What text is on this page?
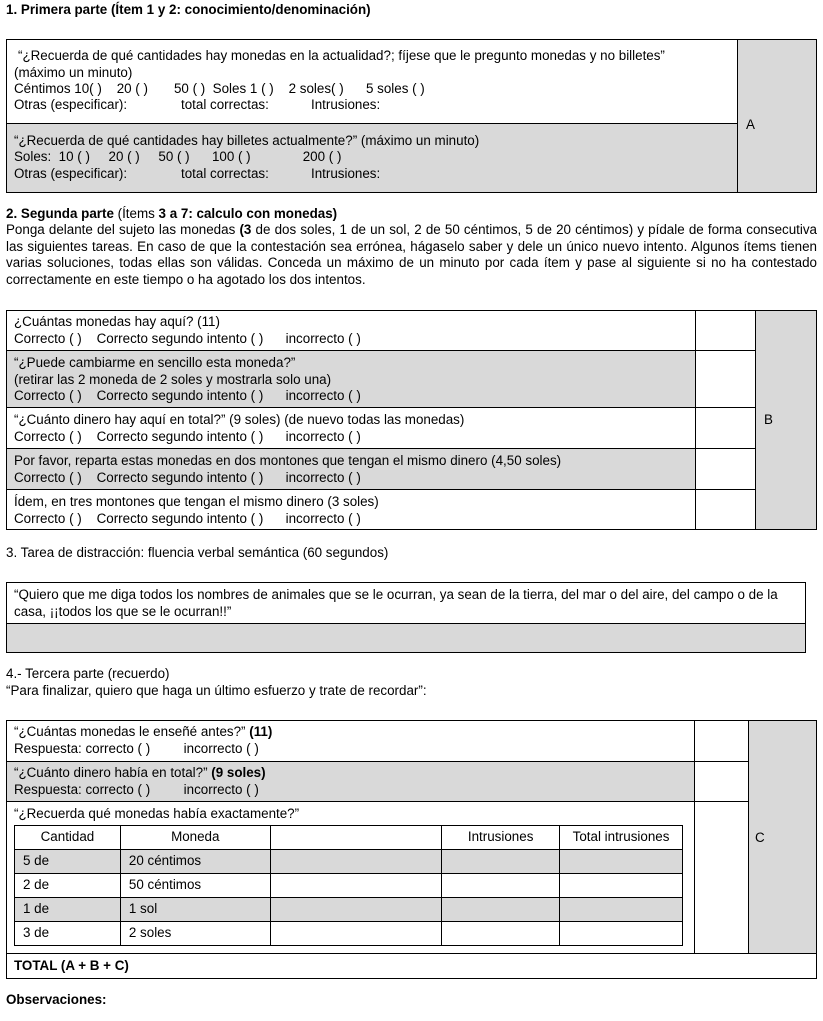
1. Primera parte (Ítem 1 y 2: conocimiento/denominación)
A
“¿Recuerda de qué cantidades hay monedas en la actualidad?; fíjese que le pregunto monedas y no billetes”
(máximo un minuto)
Céntimos 10( )    20 ( )       50 ( )  Soles 1 ( )    2 soles( )      5 soles ( )
Otras (especificar):	total correctas:	Intrusiones:
“¿Recuerda de qué cantidades hay billetes actualmente?” (máximo un minuto)
Soles:  10 ( )     20 ( )     50 ( )      100 ( )              200 ( )
Otras (especificar):	total correctas:	Intrusiones:
2. Segunda parte (Ítems 3 a 7: calculo con monedas)
Ponga delante del sujeto las monedas (3 de dos soles, 1 de un sol, 2 de 50 céntimos, 5 de 20 céntimos) y pídale de forma consecutiva las siguientes tareas. En caso de que la contestación sea errónea, hágaselo saber y dele un único nuevo intento. Algunos ítems tienen varias soluciones, todas ellas son válidas. Conceda un máximo de un minuto por cada ítem y pase al siguiente si no ha contestado correctamente en este tiempo o ha agotado los dos intentos.
B
¿Cuántas monedas hay aquí? (11)
Correcto ( )    Correcto segundo intento ( )      incorrecto ( )
“¿Puede cambiarme en sencillo esta moneda?”
(retirar las 2 moneda de 2 soles y mostrarla solo una)
Correcto ( )    Correcto segundo intento ( )      incorrecto ( )
“¿Cuánto dinero hay aquí en total?” (9 soles) (de nuevo todas las monedas)
Correcto ( )    Correcto segundo intento ( )      incorrecto ( )
Por favor, reparta estas monedas en dos montones que tengan el mismo dinero (4,50 soles)
Correcto ( )    Correcto segundo intento ( )      incorrecto ( )
Ídem, en tres montones que tengan el mismo dinero (3 soles)
Correcto ( )    Correcto segundo intento ( )      incorrecto ( )
3. Tarea de distracción: fluencia verbal semántica (60 segundos)
“Quiero que me diga todos los nombres de animales que se le ocurran, ya sean de la tierra, del mar o del aire, del campo o de la casa, ¡¡todos los que se le ocurran!!”
4.- Tercera parte (recuerdo)
“Para finalizar, quiero que haga un último esfuerzo y trate de recordar”:
C
“¿Cuántas monedas le enseñé antes?” (11)
Respuesta: correcto ( )         incorrecto ( )
“¿Cuánto dinero había en total?” (9 soles)
Respuesta: correcto ( )         incorrecto ( )
“¿Recuerda qué monedas había exactamente?”
Cantidad	Moneda		Intrusiones	Total intrusiones
5 de	20 céntimos			
2 de	50 céntimos			
1 de	1 sol			
3 de	2 soles			
TOTAL (A + B + C)
Observaciones:
